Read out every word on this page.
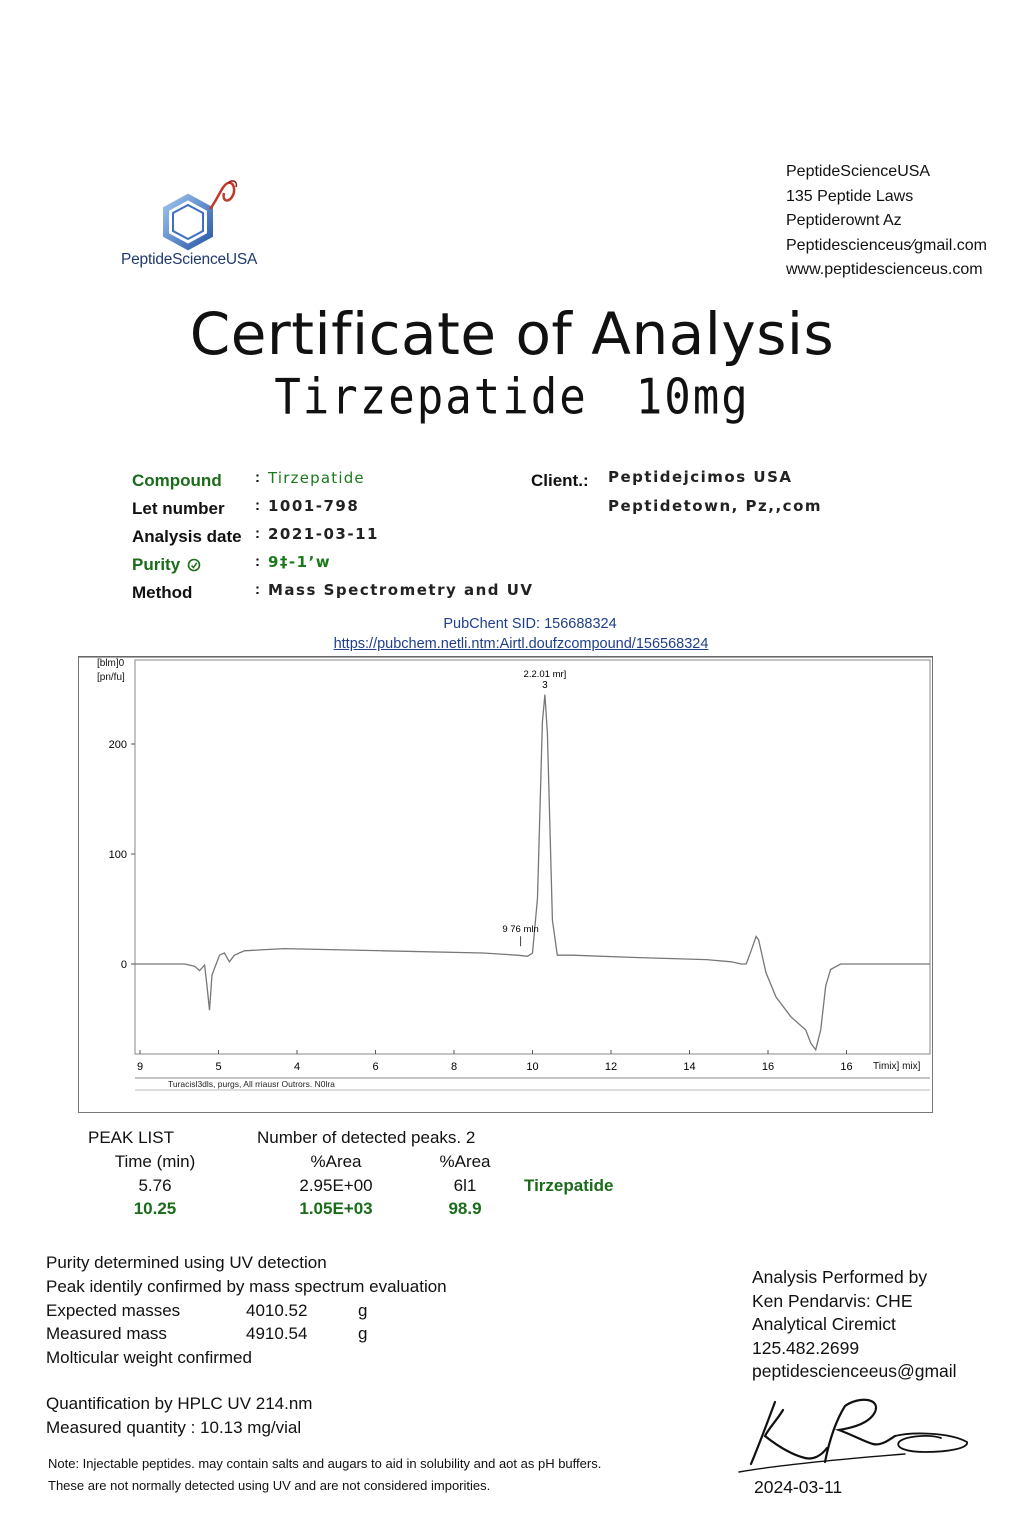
PeptideScienceUSA
PeptideScienceUSA
135 Peptide Laws
Peptiderownt Az
Peptidescienceus⁄gmail.com
www.peptidescienceus.com
Certificate of Analysis
Tirzepatide 10mg
Compound : Tirzepatide
Let number : 1001-798
Analysis date : 2021-03-11
Purity	: 9‡-1’w
Method	: Mass Spectrometry and UV
Client.: Peptidejcimos USA
Peptidetown, Pz,,com
PubChent SID: 156688324
https://pubchem.netli.ntm:Airtl.doufzcompound/156568324
0
100
200
9	5	4	6	8	10	12	14	16	16
[blm]0
[pn/fu]
Timix] mix]
Turacisl3dls, purgs, All rriausr Outrors. N0lra
2.2.01 mr]
3
9 76 mln
PEAK LIST	Number of detected peaks. 2
Time (min)	%Area	%Area
5.76	2.95E+00	6l1	Tirzepatide
10.25	1.05E+03	98.9
Purity determined using UV detection
Peak identily confirmed by mass spectrum evaluation
Expected masses	4010.52	g
Measured mass	4910.54	g
Molticular weight confirmed
Quantification by HPLC UV 214.nm
Measured quantity : 10.13 mg/vial
Note: Injectable peptides. may contain salts and augars to aid in solubility and aot as pH buffers.
These are not normally detected using UV and are not considered imporities.
Analysis Performed by
Ken Pendarvis: CHE
Analytical Ciremict
125.482.2699
peptidescienceeus@gmail
2024-03-11
